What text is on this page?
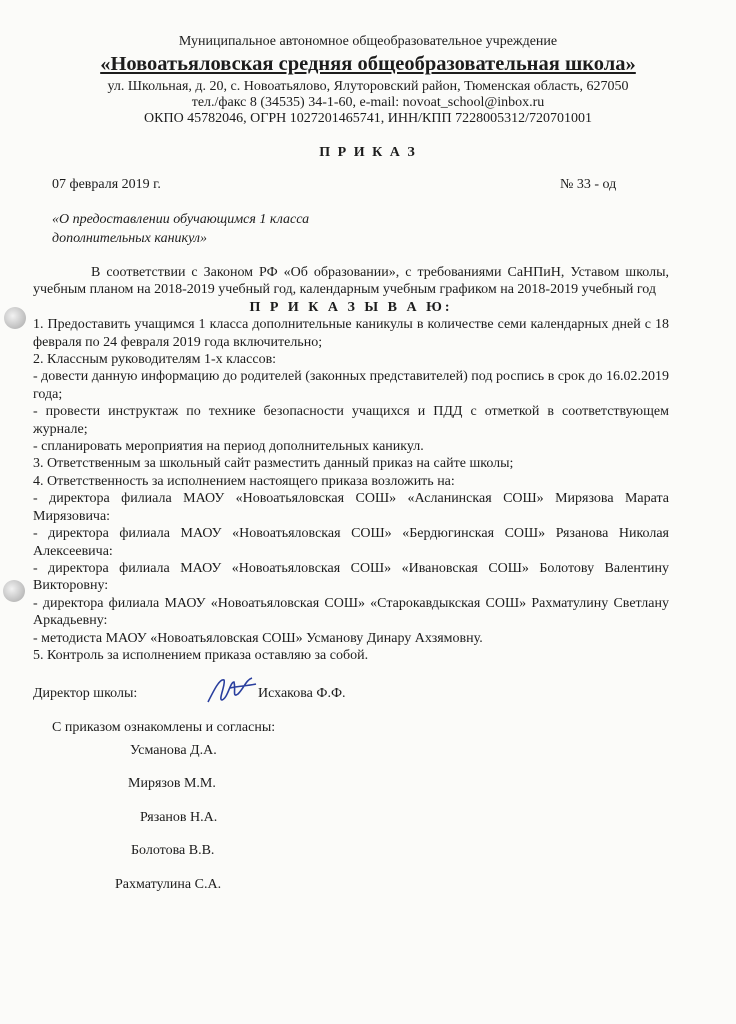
Муниципальное автономное общеобразовательное учреждение
«Новоатьяловская средняя общеобразовательная школа»
ул. Школьная, д. 20, с. Новоатьялово, Ялуторовский район, Тюменская область, 627050
тел./факс 8 (34535) 34-1-60, e-mail: novoat_school@inbox.ru
ОКПО 45782046, ОГРН 1027201465741, ИНН/КПП 7228005312/720701001
П Р И К А З
07 февраля 2019 г.	№ 33 - од
«О предоставлении обучающимся 1 класса
дополнительных каникул»

В соответствии с Законом РФ «Об образовании», с требованиями СаНПиН, Уставом школы, учебным планом на 2018-2019 учебный год, календарным учебным графиком на 2018-2019 учебный год

П Р И К А З Ы В А Ю:

1. Предоставить учащимся 1 класса дополнительные каникулы в количестве семи календарных дней с 18 февраля по 24 февраля 2019 года включительно;

2. Классным руководителям 1-х классов:

- довести данную информацию до родителей (законных представителей) под роспись в срок до 16.02.2019 года;

- провести инструктаж по технике безопасности учащихся и ПДД с отметкой в соответствующем журнале;

- спланировать мероприятия на период дополнительных каникул.

3. Ответственным за школьный сайт разместить данный приказ на сайте школы;

4. Ответственность за исполнением настоящего приказа возложить на:

- директора филиала МАОУ «Новоатьяловская СОШ» «Асланинская СОШ» Мирязова Марата Мирязовича:

- директора филиала МАОУ «Новоатьяловская СОШ» «Бердюгинская СОШ» Рязанова Николая Алексеевича:

- директора филиала МАОУ «Новоатьяловская СОШ» «Ивановская СОШ» Болотову Валентину Викторовну:

- директора филиала МАОУ «Новоатьяловская СОШ» «Старокавдыкская СОШ» Рахматулину Светлану Аркадьевну:

- методиста МАОУ «Новоатьяловская СОШ» Усманову Динару Ахзямовну.

5. Контроль за исполнением приказа оставляю за собой.

Директор школы:	Исхакова Ф.Ф.
С приказом ознакомлены и согласны:
Усманова Д.А.
Мирязов М.М.
Рязанов Н.А.
Болотова В.В.
Рахматулина С.А.
